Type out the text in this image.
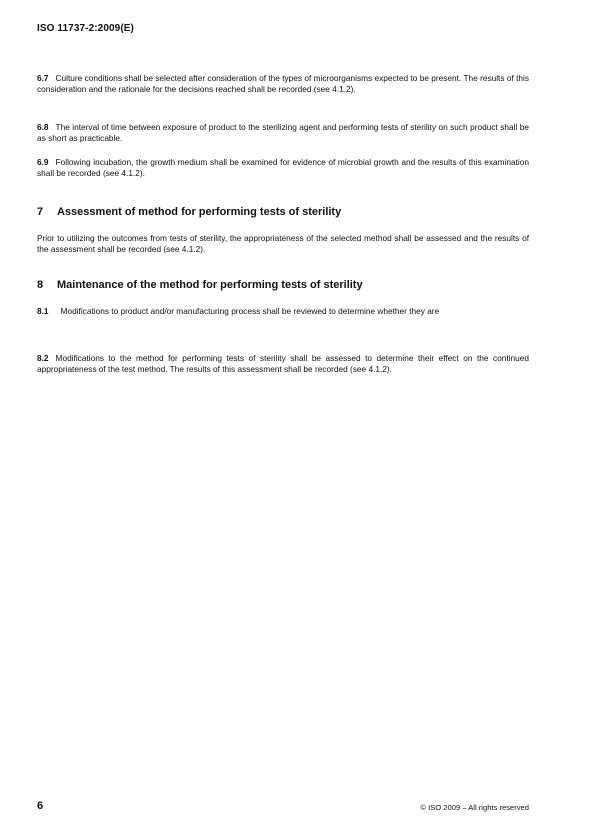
ISO 11737-2:2009(E)
6.7 Culture conditions shall be selected after consideration of the types of microorganisms expected to be present. The results of this consideration and the rationale for the decisions reached shall be recorded (see 4.1.2).
6.8 The interval of time between exposure of product to the sterilizing agent and performing tests of sterility on such product shall be as short as practicable.
6.9 Following incubation, the growth medium shall be examined for evidence of microbial growth and the results of this examination shall be recorded (see 4.1.2).
7 Assessment of method for performing tests of sterility
Prior to utilizing the outcomes from tests of sterility, the appropriateness of the selected method shall be assessed and the results of the assessment shall be recorded (see 4.1.2).
8 Maintenance of the method for performing tests of sterility
8.1 Modifications to product and/or manufacturing process shall be reviewed to determine whether they are
8.2 Modifications to the method for performing tests of sterility shall be assessed to determine their effect on the continued appropriateness of the test method. The results of this assessment shall be recorded (see 4.1.2).
6	© ISO 2009 – All rights reserved
